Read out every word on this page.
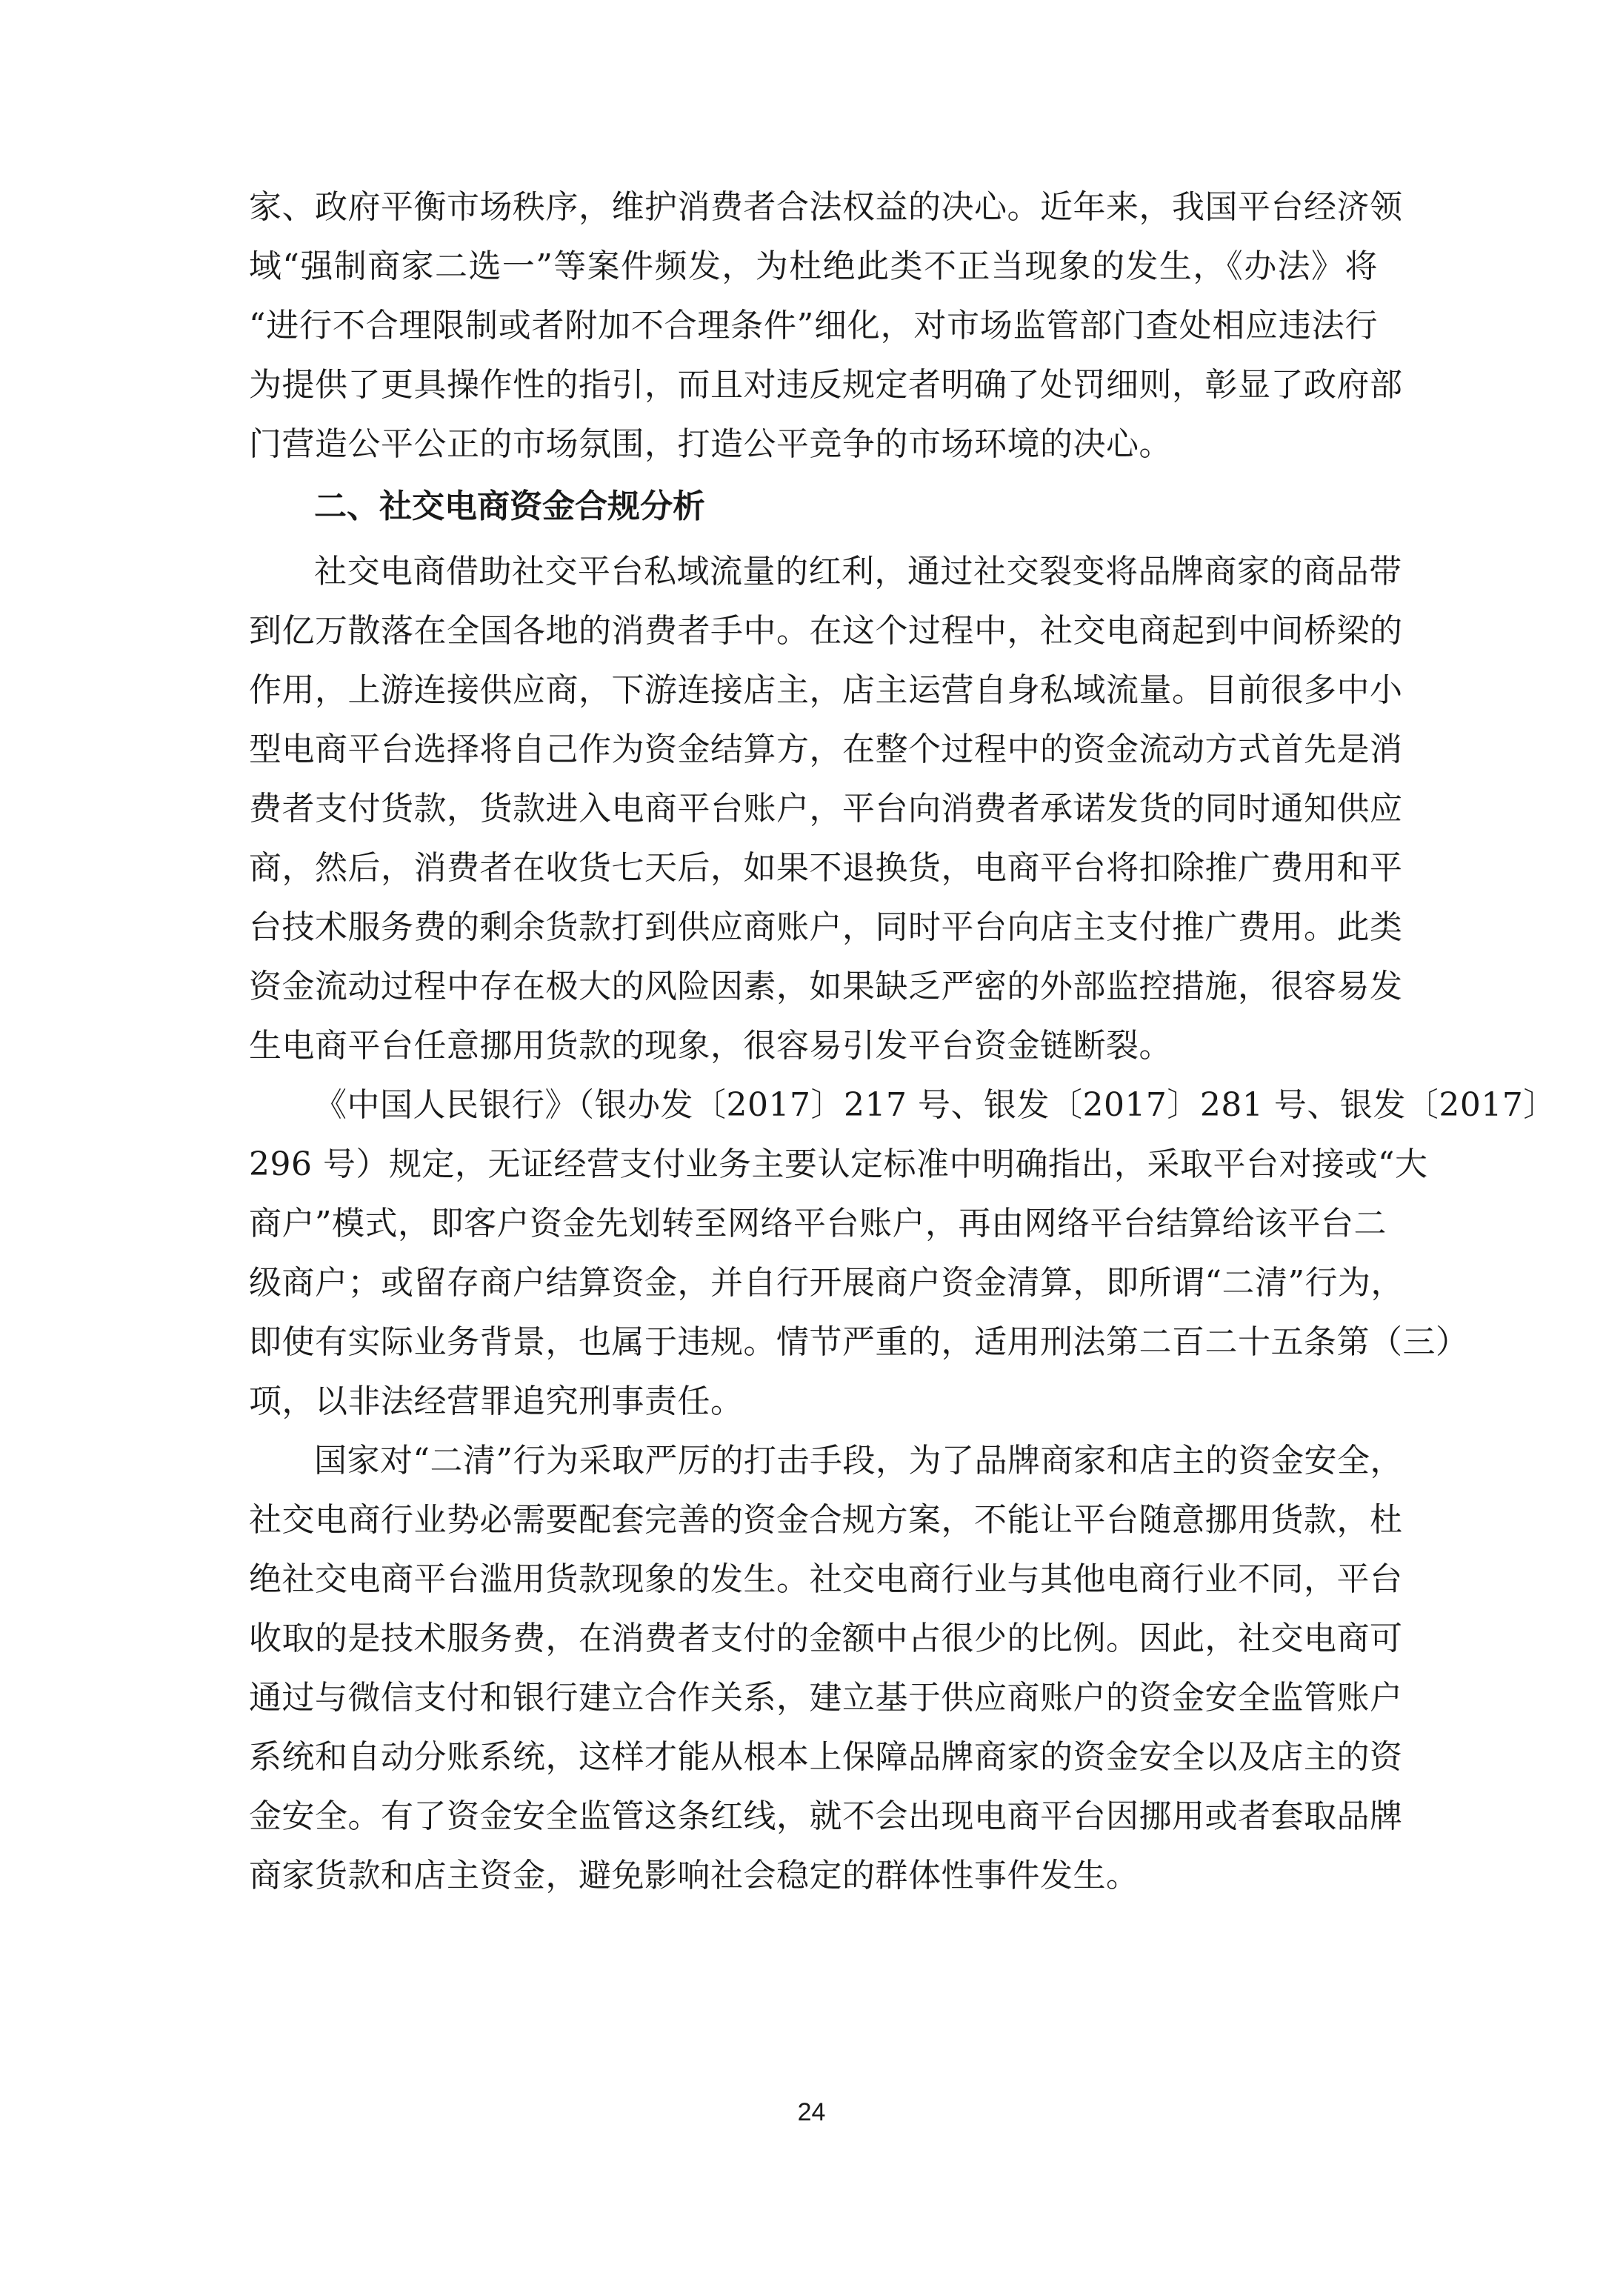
家、政府平衡市场秩序，维护消费者合法权益的决心。近年来，我国平台经济领
域“强制商家二选一”等案件频发，为杜绝此类不正当现象的发生，《办法》将
“进行不合理限制或者附加不合理条件”细化，对市场监管部门查处相应违法行
为提供了更具操作性的指引，而且对违反规定者明确了处罚细则，彰显了政府部
门营造公平公正的市场氛围，打造公平竞争的市场环境的决心。
二、社交电商资金合规分析
社交电商借助社交平台私域流量的红利，通过社交裂变将品牌商家的商品带
到亿万散落在全国各地的消费者手中。在这个过程中，社交电商起到中间桥梁的
作用，上游连接供应商，下游连接店主，店主运营自身私域流量。目前很多中小
型电商平台选择将自己作为资金结算方，在整个过程中的资金流动方式首先是消
费者支付货款，货款进入电商平台账户，平台向消费者承诺发货的同时通知供应
商，然后，消费者在收货七天后，如果不退换货，电商平台将扣除推广费用和平
台技术服务费的剩余货款打到供应商账户，同时平台向店主支付推广费用。此类
资金流动过程中存在极大的风险因素，如果缺乏严密的外部监控措施，很容易发
生电商平台任意挪用货款的现象，很容易引发平台资金链断裂。
《中国人民银行》（银办发〔2017〕217 号、银发〔2017〕281 号、银发〔2017〕
296 号）规定，无证经营支付业务主要认定标准中明确指出，采取平台对接或“大
商户”模式，即客户资金先划转至网络平台账户，再由网络平台结算给该平台二
级商户；或留存商户结算资金，并自行开展商户资金清算，即所谓“二清”行为，
即使有实际业务背景，也属于违规。情节严重的，适用刑法第二百二十五条第（三）
项，以非法经营罪追究刑事责任。
国家对“二清”行为采取严厉的打击手段，为了品牌商家和店主的资金安全，
社交电商行业势必需要配套完善的资金合规方案，不能让平台随意挪用货款，杜
绝社交电商平台滥用货款现象的发生。社交电商行业与其他电商行业不同，平台
收取的是技术服务费，在消费者支付的金额中占很少的比例。因此，社交电商可
通过与微信支付和银行建立合作关系，建立基于供应商账户的资金安全监管账户
系统和自动分账系统，这样才能从根本上保障品牌商家的资金安全以及店主的资
金安全。有了资金安全监管这条红线，就不会出现电商平台因挪用或者套取品牌
商家货款和店主资金，避免影响社会稳定的群体性事件发生。
24
